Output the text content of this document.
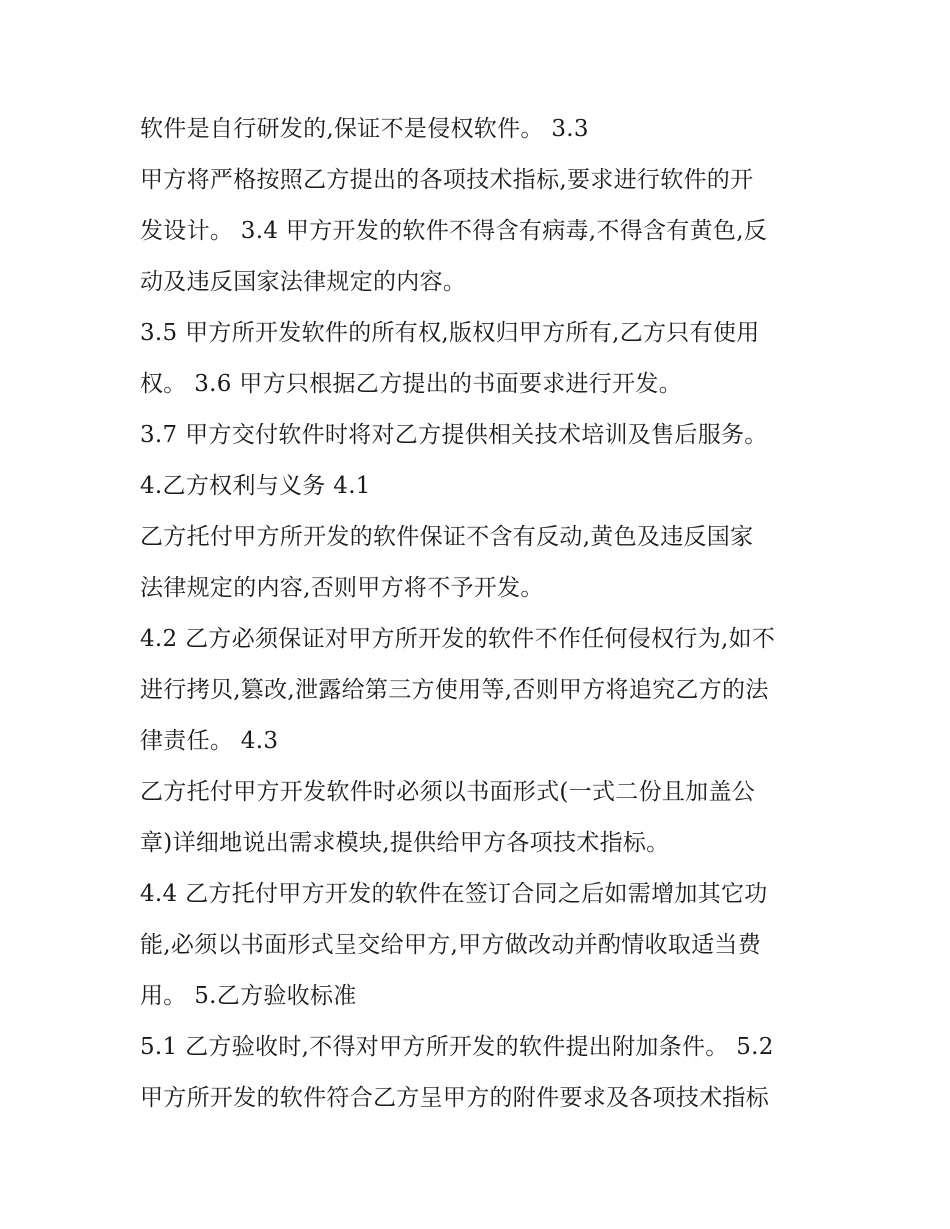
软件是自行研发的,保证不是侵权软件。 3.3
甲方将严格按照乙方提出的各项技术指标,要求进行软件的开
发设计。 3.4 甲方开发的软件不得含有病毒,不得含有黄色,反
动及违反国家法律规定的内容。
3.5 甲方所开发软件的所有权,版权归甲方所有,乙方只有使用
权。 3.6 甲方只根据乙方提出的书面要求进行开发。
3.7 甲方交付软件时将对乙方提供相关技术培训及售后服务。
4.乙方权利与义务 4.1
乙方托付甲方所开发的软件保证不含有反动,黄色及违反国家
法律规定的内容,否则甲方将不予开发。
4.2 乙方必须保证对甲方所开发的软件不作任何侵权行为,如不
进行拷贝,篡改,泄露给第三方使用等,否则甲方将追究乙方的法
律责任。 4.3
乙方托付甲方开发软件时必须以书面形式(一式二份且加盖公
章)详细地说出需求模块,提供给甲方各项技术指标。
4.4 乙方托付甲方开发的软件在签订合同之后如需增加其它功
能,必须以书面形式呈交给甲方,甲方做改动并酌情收取适当费
用。 5.乙方验收标准
5.1 乙方验收时,不得对甲方所开发的软件提出附加条件。 5.2
甲方所开发的软件符合乙方呈甲方的附件要求及各项技术指标
